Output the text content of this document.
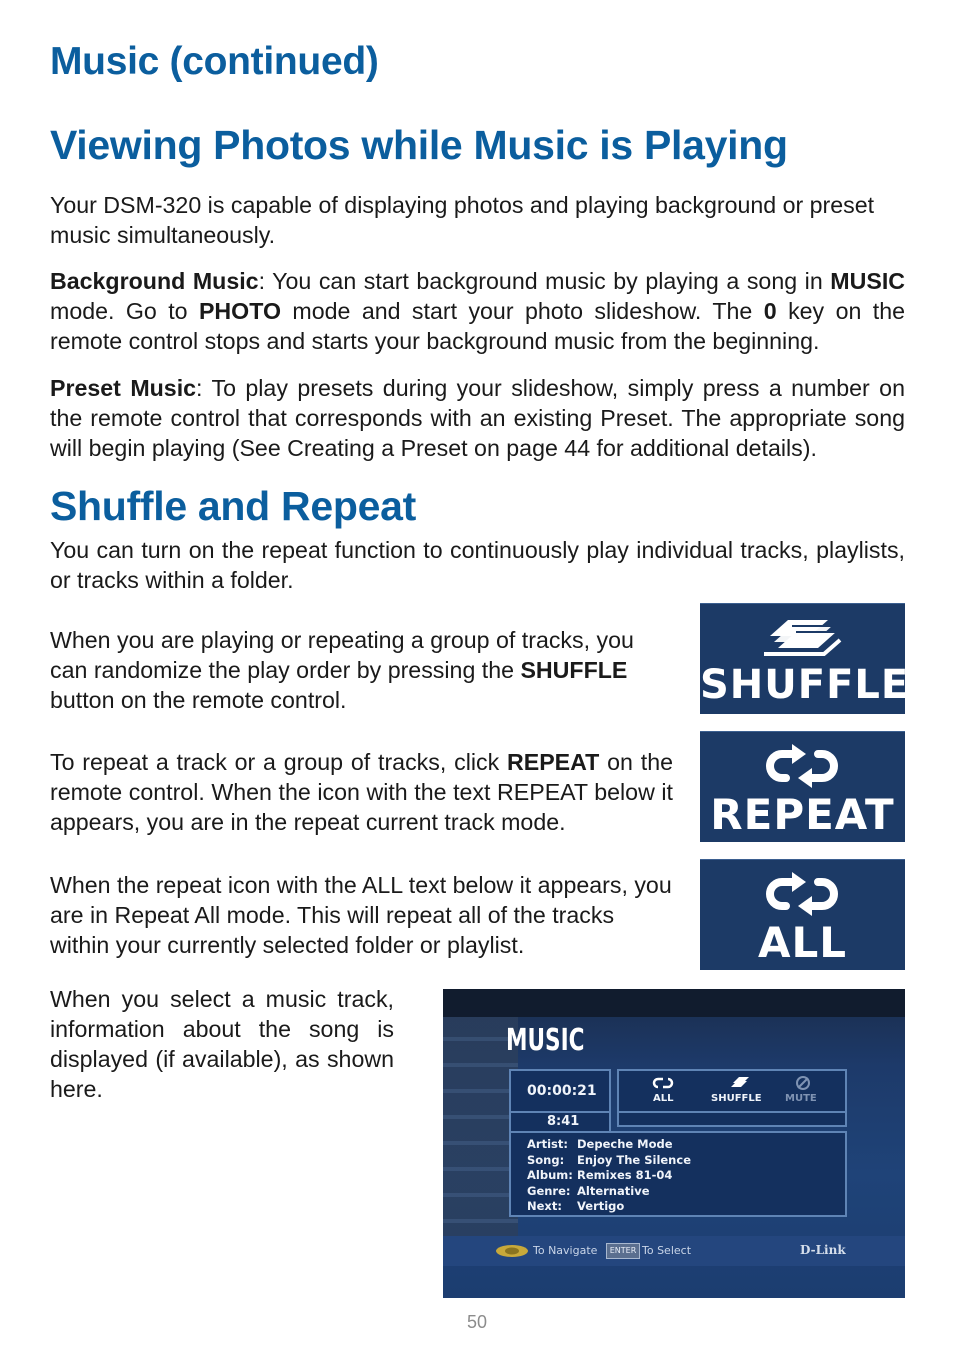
Music (continued)
Viewing Photos while Music is Playing

Your DSM-320 is capable of displaying photos and playing background or preset music simultaneously.

Background Music: You can start background music by playing a song in MUSIC mode. Go to PHOTO mode and start your photo slideshow. The 0 key on the remote control stops and starts your background music from the beginning.

Preset Music: To play presets during your slideshow, simply press a number on the remote control that corresponds with an existing Preset. The appropriate song will begin playing (See Creating a Preset on page 44 for additional details).

Shuffle and Repeat

You can turn on the repeat function to continuously play individual tracks, playlists, or tracks within a folder.

When you are playing or repeating a group of tracks, you can randomize the play order by pressing the SHUFFLE button on the remote control.

To repeat a track or a group of tracks, click REPEAT on the remote control. When the icon with the text REPEAT below it appears, you are in the repeat current track mode.

When the repeat icon with the ALL text below it appears, you are in Repeat All mode. This will repeat all of the tracks within your currently selected folder or playlist.

When you select a music track, information about the song is displayed (if available), as shown here.

SHUFFLE
REPEAT
ALL
MUSIC
00:00:21
8:41
ALL	SHUFFLE MUTE
Artist: Depeche Mode
Song: Enjoy The Silence
Album: Remixes 81-04
Genre: Alternative
Next: Vertigo
To Navigate	ENTER To Select	D-Link
50
